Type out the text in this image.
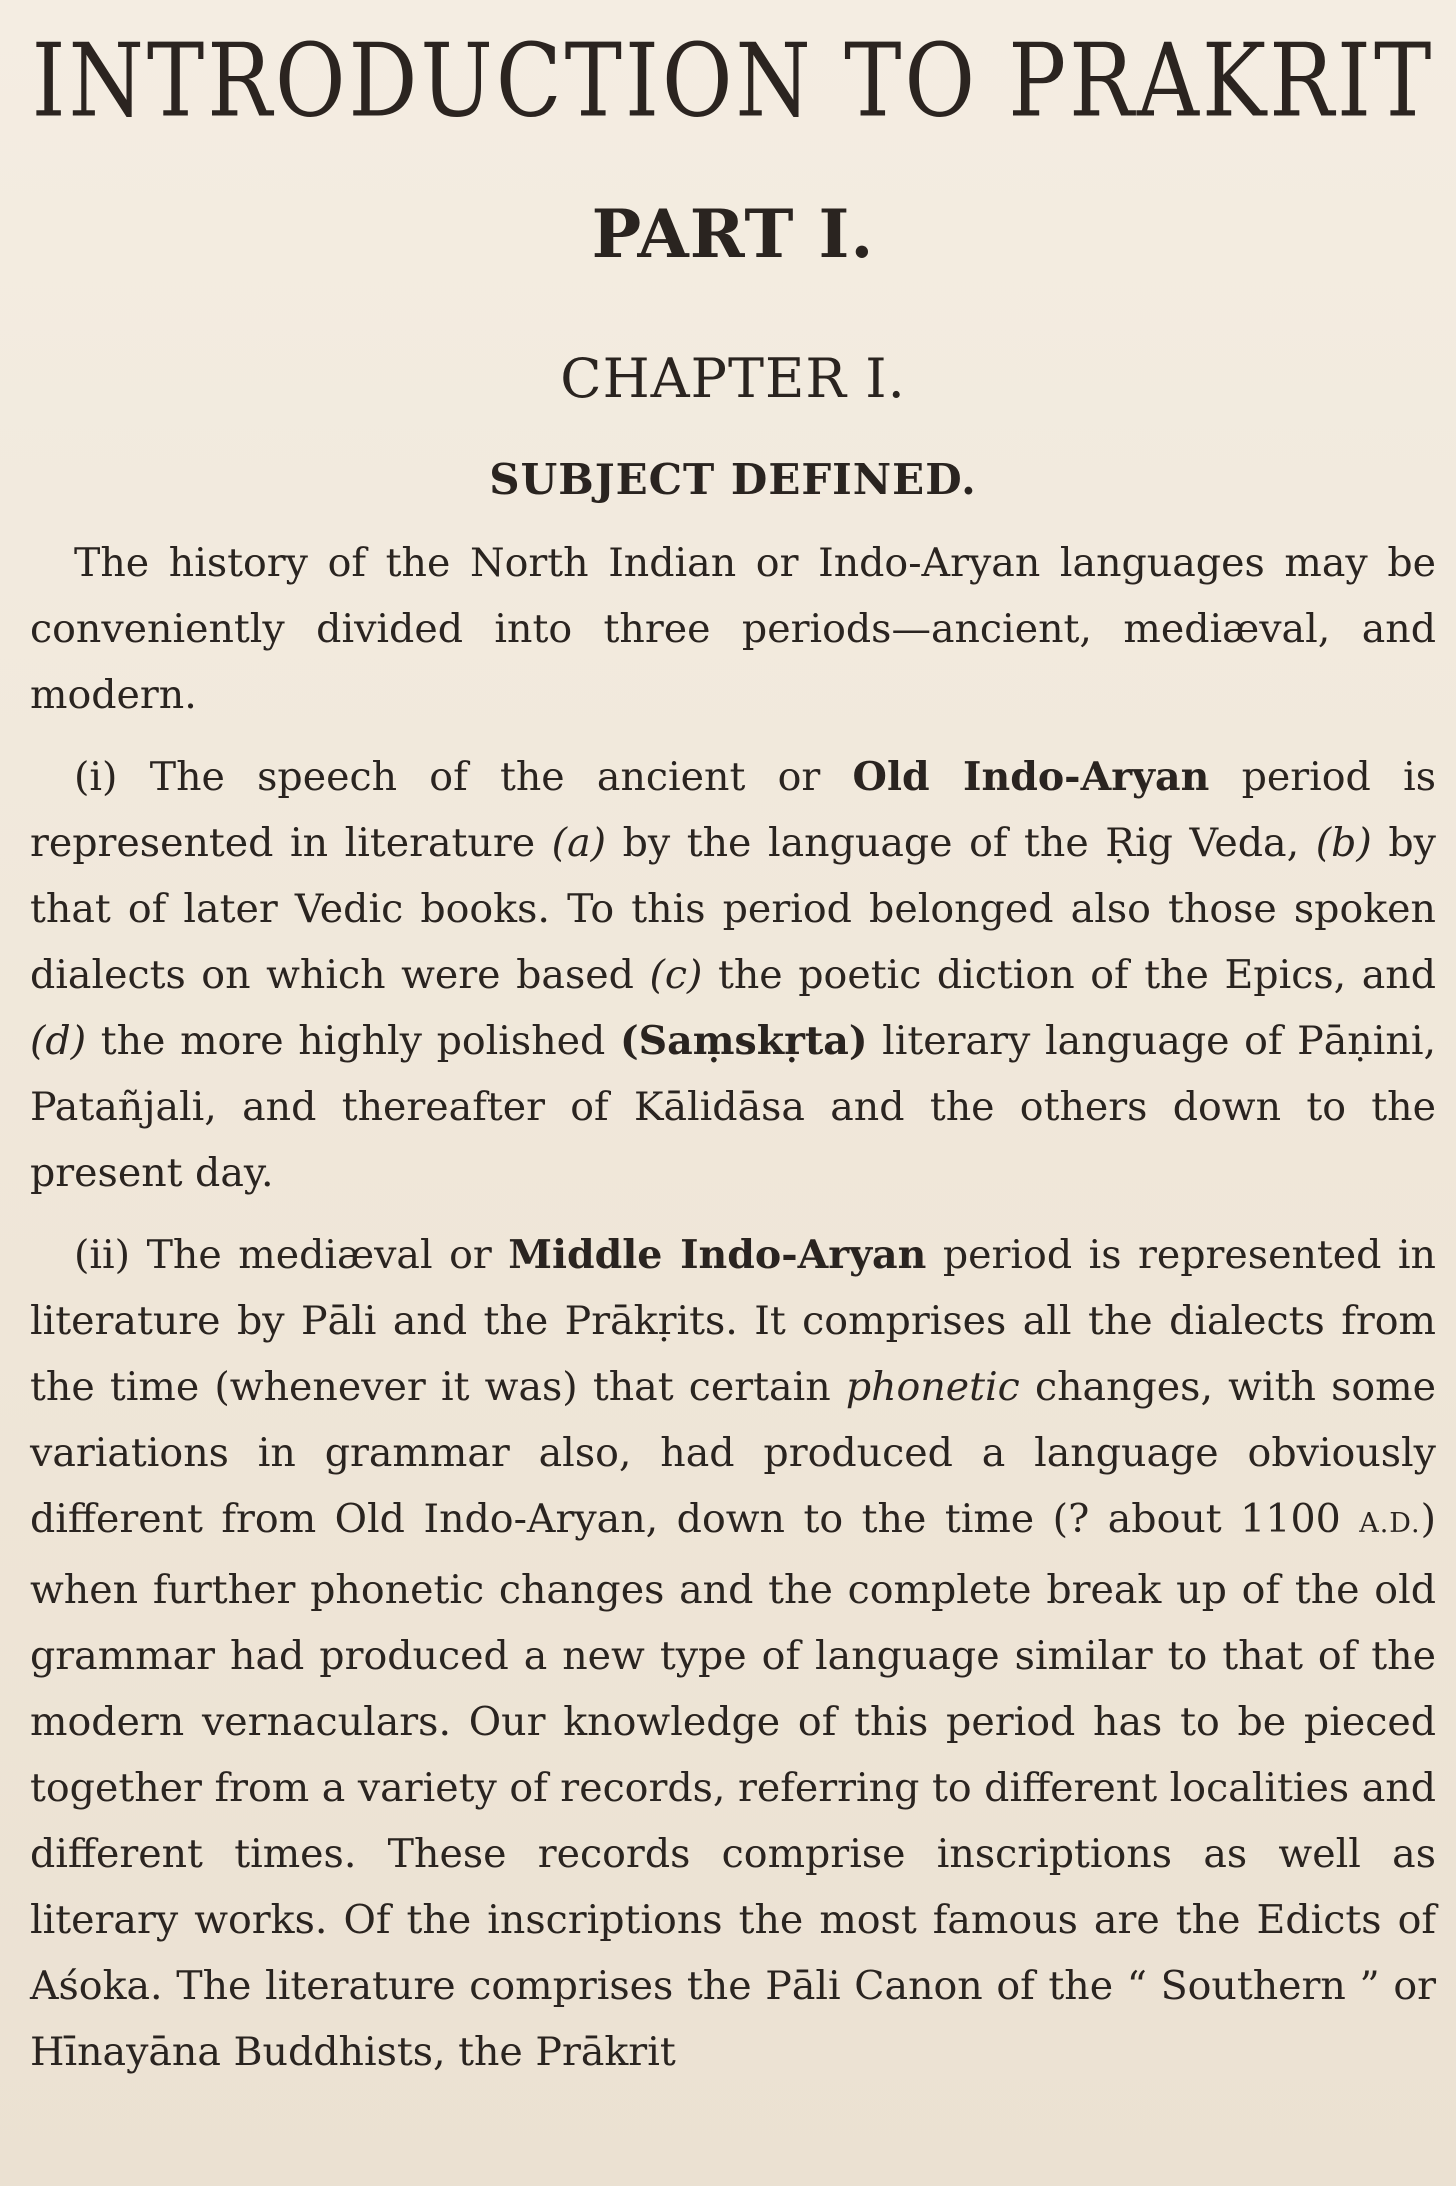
INTRODUCTION TO PRAKRIT
PART I.
CHAPTER I.
SUBJECT DEFINED.

The history of the North Indian or Indo-Aryan languages may be conveniently divided into three periods—ancient, mediæval, and modern.

(i) The speech of the ancient or Old Indo-Aryan period is represented in literature (a) by the language of the Ṛig Veda, (b) by that of later Vedic books. To this period belonged also those spoken dialects on which were based (c) the poetic diction of the Epics, and (d) the more highly polished (Saṃskṛta) literary language of Pāṇini, Patañjali, and thereafter of Kālidāsa and the others down to the present day.

(ii) The mediæval or Middle Indo-Aryan period is represented in literature by Pāli and the Prākṛits. It comprises all the dialects from the time (whenever it was) that certain phonetic changes, with some variations in grammar also, had produced a language obviously different from Old Indo-Aryan, down to the time (? about 1100 A.D.) when further phonetic changes and the complete break up of the old grammar had produced a new type of language similar to that of the modern vernaculars. Our knowledge of this period has to be pieced together from a variety of records, referring to different localities and different times. These records comprise inscriptions as well as literary works. Of the inscriptions the most famous are the Edicts of Aśoka. The literature comprises the Pāli Canon of the “ Southern ” or Hīnayāna Buddhists, the Prākrit
